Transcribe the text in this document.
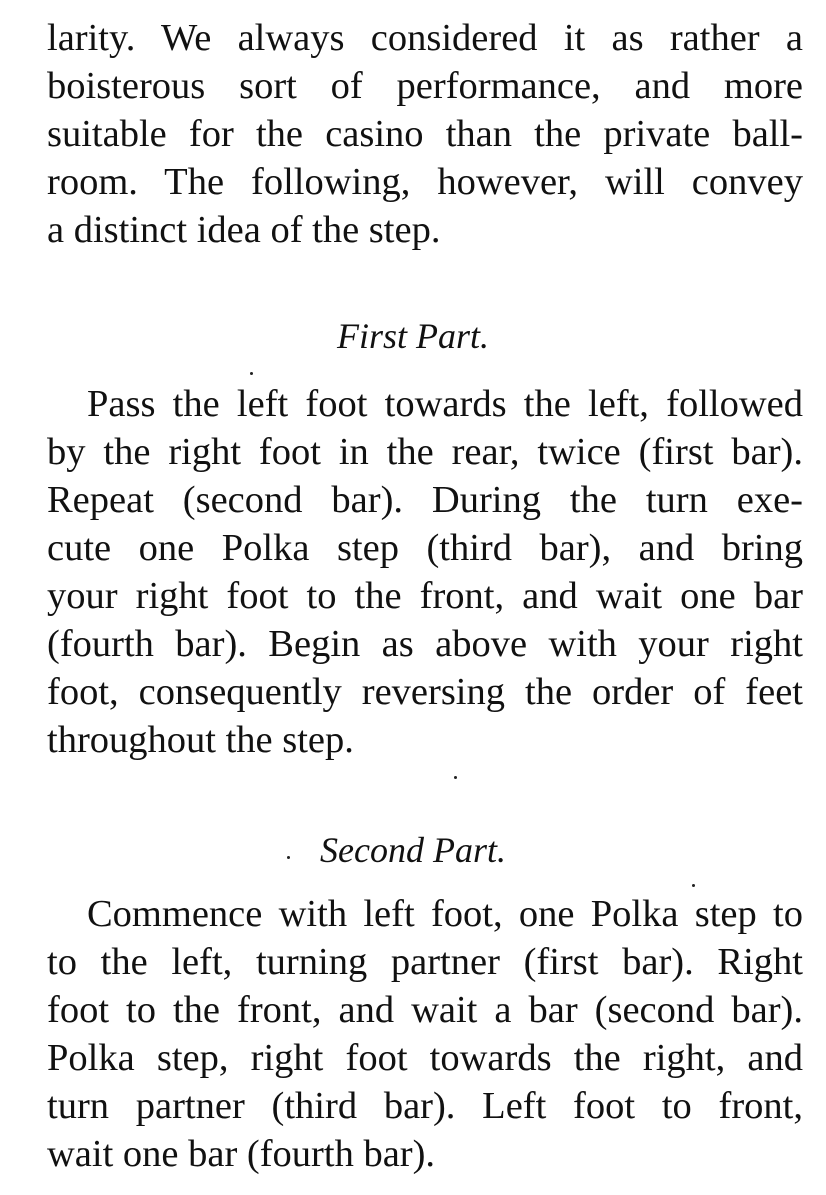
larity. We always considered it as rather a

boisterous sort of performance, and more

suitable for the casino than the private ball-

room. The following, however, will convey

a distinct idea of the step.

First Part.

Pass the left foot towards the left, followed

by the right foot in the rear, twice (first bar).

Repeat (second bar). During the turn exe-

cute one Polka step (third bar), and bring

your right foot to the front, and wait one bar

(fourth bar). Begin as above with your right

foot, consequently reversing the order of feet

throughout the step.

Second Part.

Commence with left foot, one Polka step to

to the left, turning partner (first bar). Right

foot to the front, and wait a bar (second bar).

Polka step, right foot towards the right, and

turn partner (third bar). Left foot to front,

wait one bar (fourth bar).
